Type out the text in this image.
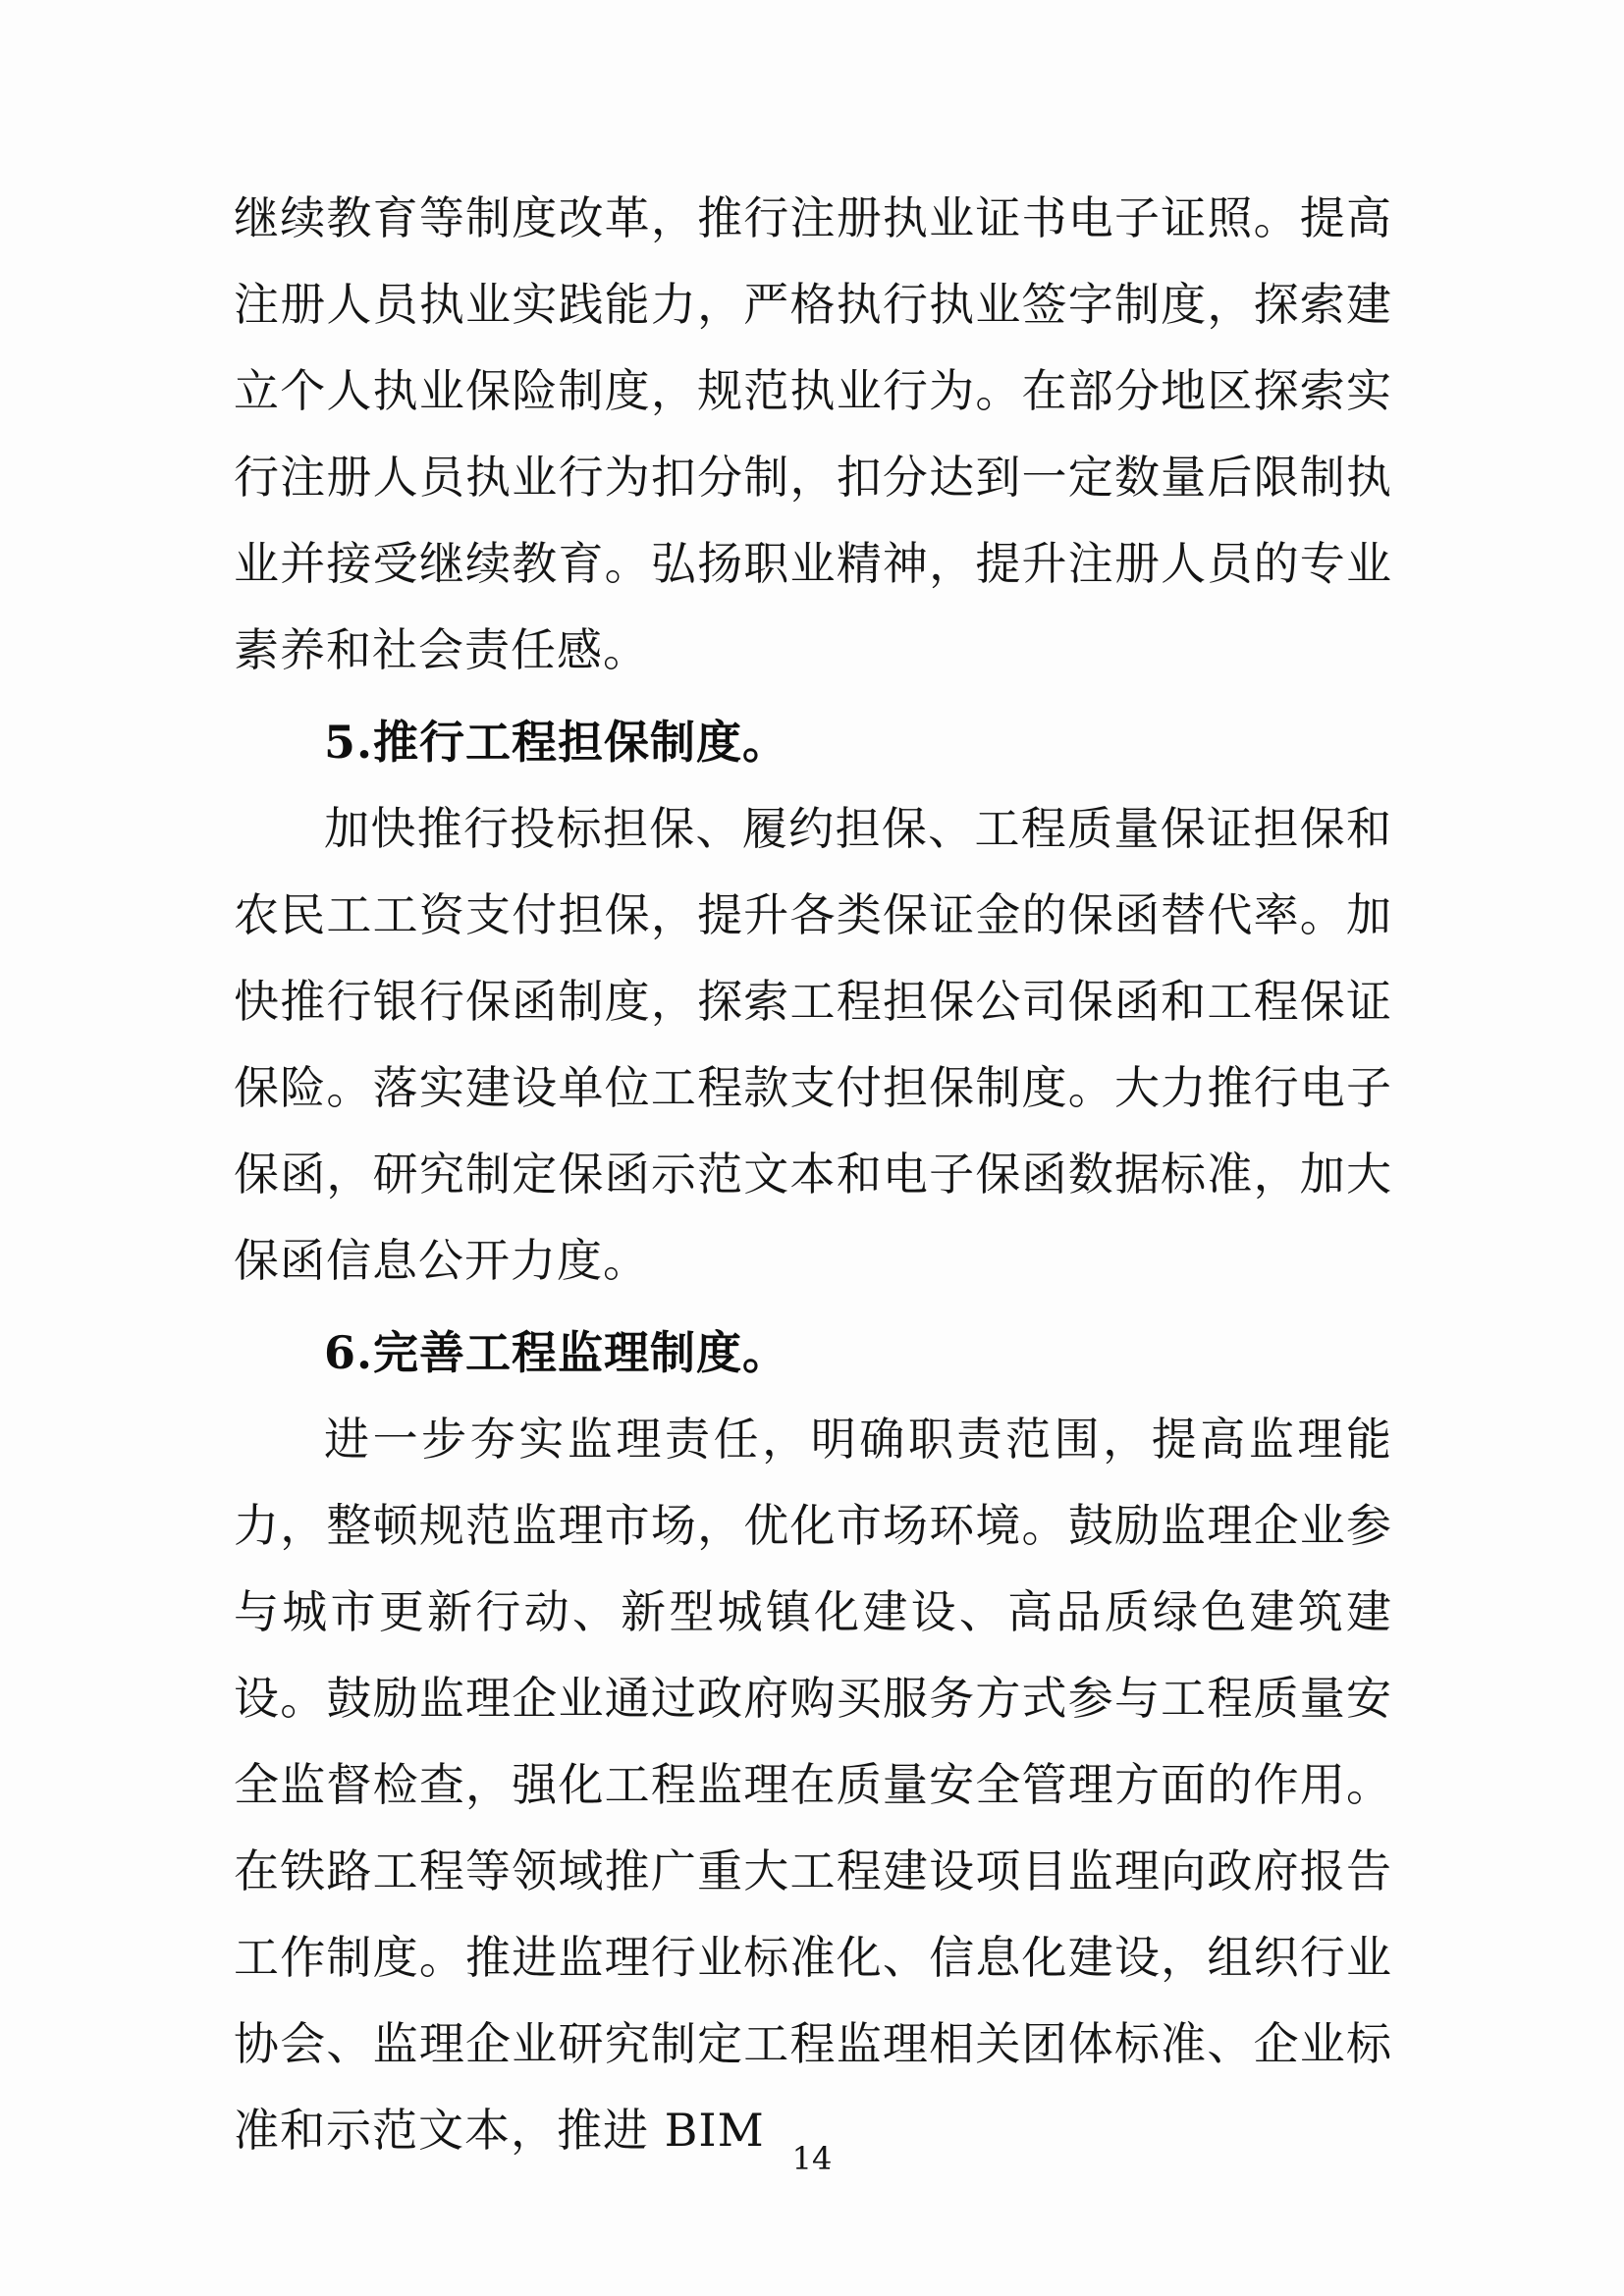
继续教育等制度改革，推行注册执业证书电子证照。提高注册人员执业实践能力，严格执行执业签字制度，探索建立个人执业保险制度，规范执业行为。在部分地区探索实行注册人员执业行为扣分制，扣分达到一定数量后限制执业并接受继续教育。弘扬职业精神，提升注册人员的专业素养和社会责任感。

5.推行工程担保制度。

加快推行投标担保、履约担保、工程质量保证担保和农民工工资支付担保，提升各类保证金的保函替代率。加快推行银行保函制度，探索工程担保公司保函和工程保证保险。落实建设单位工程款支付担保制度。大力推行电子保函，研究制定保函示范文本和电子保函数据标准，加大保函信息公开力度。

6.完善工程监理制度。

进一步夯实监理责任，明确职责范围，提高监理能力，整顿规范监理市场，优化市场环境。鼓励监理企业参与城市更新行动、新型城镇化建设、高品质绿色建筑建设。鼓励监理企业通过政府购买服务方式参与工程质量安全监督检查，强化工程监理在质量安全管理方面的作用。在铁路工程等领域推广重大工程建设项目监理向政府报告工作制度。推进监理行业标准化、信息化建设，组织行业协会、监理企业研究制定工程监理相关团体标准、企业标准和示范文本，推进 BIM

14
